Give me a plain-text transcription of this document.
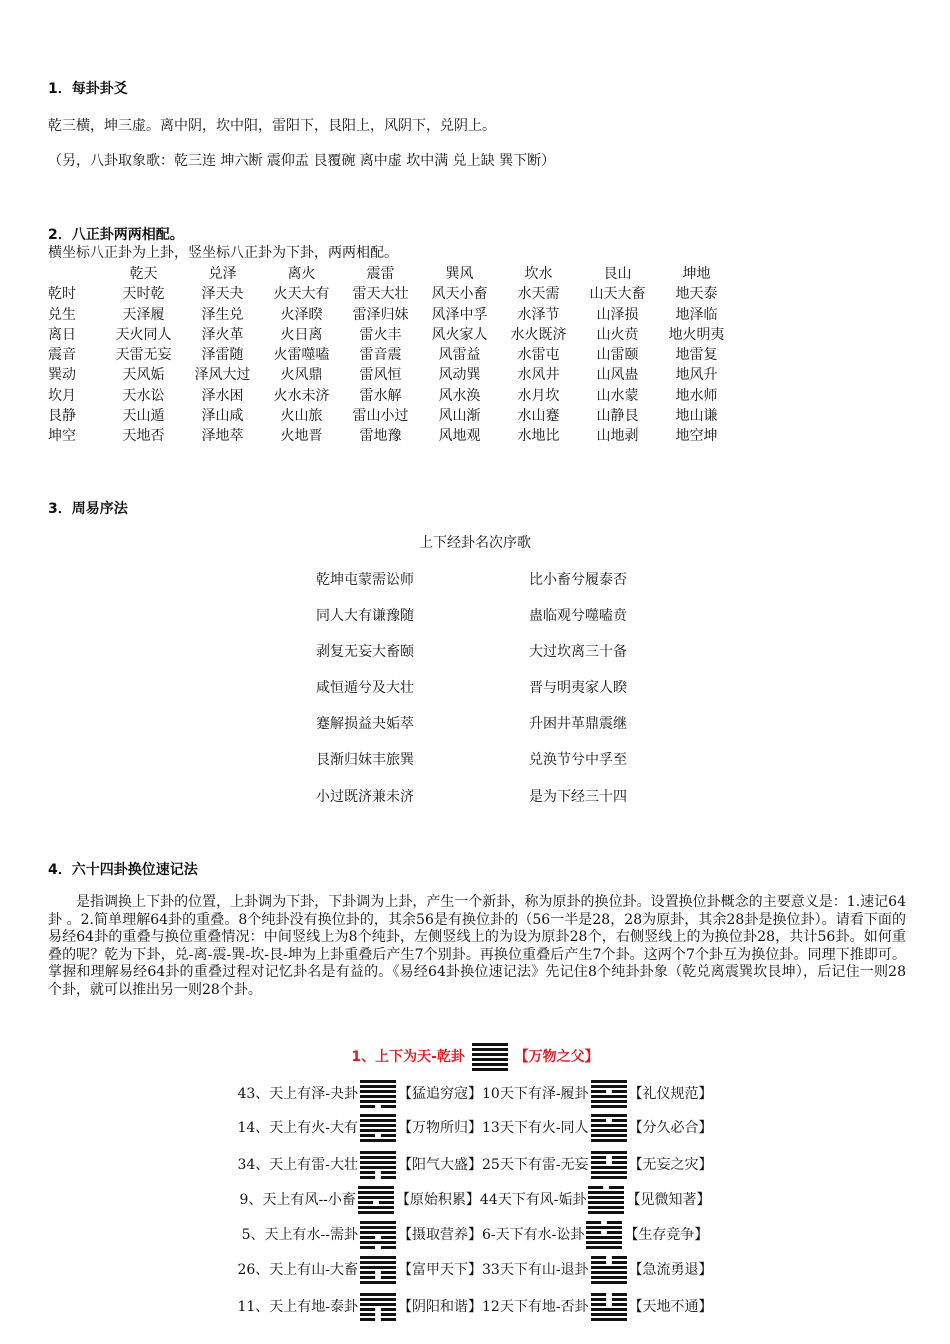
1．每卦卦爻
乾三横，坤三虚。离中阴，坎中阳，雷阳下，艮阳上，风阴下，兑阴上。
（另，八卦取象歌：乾三连 坤六断 震仰盂 艮覆碗 离中虚 坎中满 兑上缺 巽下断）
2．八正卦两两相配。
横坐标八正卦为上卦，竖坐标八正卦为下卦，两两相配。
	乾天	兑泽	离火	震雷	巽风	坎水	艮山	坤地
乾时	天时乾	泽天夬	火天大有	雷天大壮	风天小畜	水天需	山天大畜	地天泰
兑生	天泽履	泽生兑	火泽睽	雷泽归妹	风泽中孚	水泽节	山泽损	地泽临
离日	天火同人	泽火革	火日离	雷火丰	风火家人	水火既济	山火贲	地火明夷
震音	天雷无妄	泽雷随	火雷噬嗑	雷音震	风雷益	水雷屯	山雷颐	地雷复
巽动	天风姤	泽风大过	火风鼎	雷风恒	风动巽	水风井	山风蛊	地风升
坎月	天水讼	泽水困	火水未济	雷水解	风水涣	水月坎	山水蒙	地水师
艮静	天山遁	泽山咸	火山旅	雷山小过	风山渐	水山蹇	山静艮	地山谦
坤空	天地否	泽地萃	火地晋	雷地豫	风地观	水地比	山地剥	地空坤
3．周易序法
上下经卦名次序歌
乾坤屯蒙需讼师	比小畜兮履泰否
同人大有谦豫随	蛊临观兮噬嗑贲
剥复无妄大畜颐	大过坎离三十备
咸恒遁兮及大壮	晋与明夷家人睽
蹇解损益夬姤萃	升困井革鼎震继
艮渐归妹丰旅巽	兑涣节兮中孚至
小过既济兼未济	是为下经三十四
4．六十四卦换位速记法
是指调换上下卦的位置，上卦调为下卦，下卦调为上卦，产生一个新卦，称为原卦的换位卦。设置换位卦概念的主要意义是：1.速记64卦 。2.简单理解64卦的重叠。8个纯卦没有换位卦的，其余56是有换位卦的（56一半是28，28为原卦，其余28卦是换位卦）。请看下面的易经64卦的重叠与换位重叠情况：中间竖线上为8个纯卦，左侧竖线上的为设为原卦28个，右侧竖线上的为换位卦28，共计56卦。如何重叠的呢？乾为下卦，兑-离-震-巽-坎-艮-坤为上卦重叠后产生7个别卦。再换位重叠后产生7个卦。这两个7个卦互为换位卦。同理下推即可。掌握和理解易经64卦的重叠过程对记忆卦名是有益的。《易经64卦换位速记法》先记住8个纯卦卦象（乾兑离震巽坎艮坤），后记住一则28个卦，就可以推出另一则28个卦。
1、上下为天-乾卦	【万物之父】
43、天上有泽-夬卦	【猛追穷寇】10天下有泽-履卦	【礼仪规范】
14、天上有火-大有	【万物所归】13天下有火-同人	【分久必合】
34、天上有雷-大壮	【阳气大盛】25天下有雷-无妄	【无妄之灾】
9、天上有风--小畜	【原始积累】44天下有风-姤卦	【见微知著】
5、天上有水--需卦	【摄取营养】6-天下有水-讼卦	【生存竞争】
26、天上有山-大畜	【富甲天下】33天下有山-退卦	【急流勇退】
11、天上有地-泰卦	【阴阳和谐】12天下有地-否卦	【天地不通】
